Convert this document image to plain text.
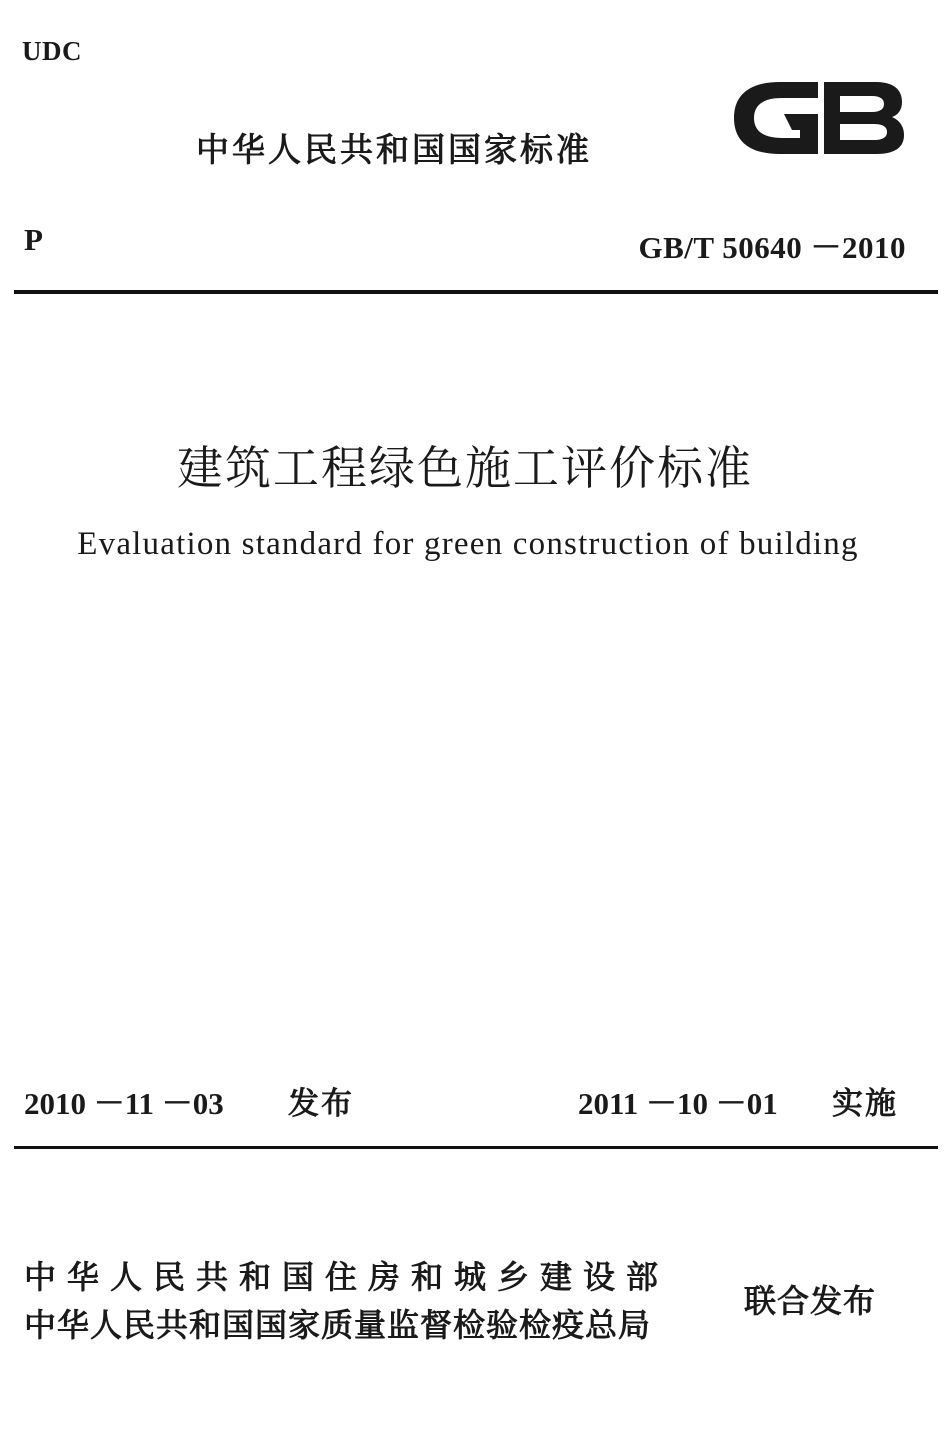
UDC
中华人民共和国国家标准
P	GB/T 50640 －2010
建筑工程绿色施工评价标准
Evaluation standard for green construction of building
2010 －11 －03 发布	2011 －10 －01 实施
中华人民共和国住房和城乡建设部
中华人民共和国国家质量监督检验检疫总局
联合发布
